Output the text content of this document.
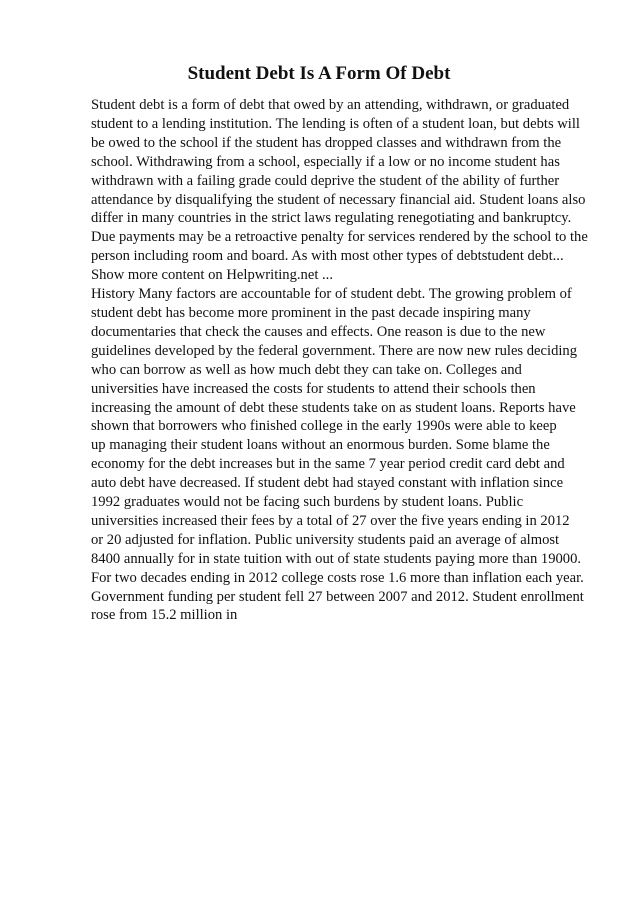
Student Debt Is A Form Of Debt
Student debt is a form of debt that owed by an attending, withdrawn, or graduated
student to a lending institution. The lending is often of a student loan, but debts will
be owed to the school if the student has dropped classes and withdrawn from the
school. Withdrawing from a school, especially if a low or no income student has
withdrawn with a failing grade could deprive the student of the ability of further
attendance by disqualifying the student of necessary financial aid. Student loans also
differ in many countries in the strict laws regulating renegotiating and bankruptcy.
Due payments may be a retroactive penalty for services rendered by the school to the
person including room and board. As with most other types of debtstudent debt...
Show more content on Helpwriting.net ...
History Many factors are accountable for of student debt. The growing problem of
student debt has become more prominent in the past decade inspiring many
documentaries that check the causes and effects. One reason is due to the new
guidelines developed by the federal government. There are now new rules deciding
who can borrow as well as how much debt they can take on. Colleges and
universities have increased the costs for students to attend their schools then
increasing the amount of debt these students take on as student loans. Reports have
shown that borrowers who finished college in the early 1990s were able to keep
up managing their student loans without an enormous burden. Some blame the
economy for the debt increases but in the same 7 year period credit card debt and
auto debt have decreased. If student debt had stayed constant with inflation since
1992 graduates would not be facing such burdens by student loans. Public
universities increased their fees by a total of 27 over the five years ending in 2012
or 20 adjusted for inflation. Public university students paid an average of almost
8400 annually for in state tuition with out of state students paying more than 19000.
For two decades ending in 2012 college costs rose 1.6 more than inflation each year.
Government funding per student fell 27 between 2007 and 2012. Student enrollment
rose from 15.2 million in
